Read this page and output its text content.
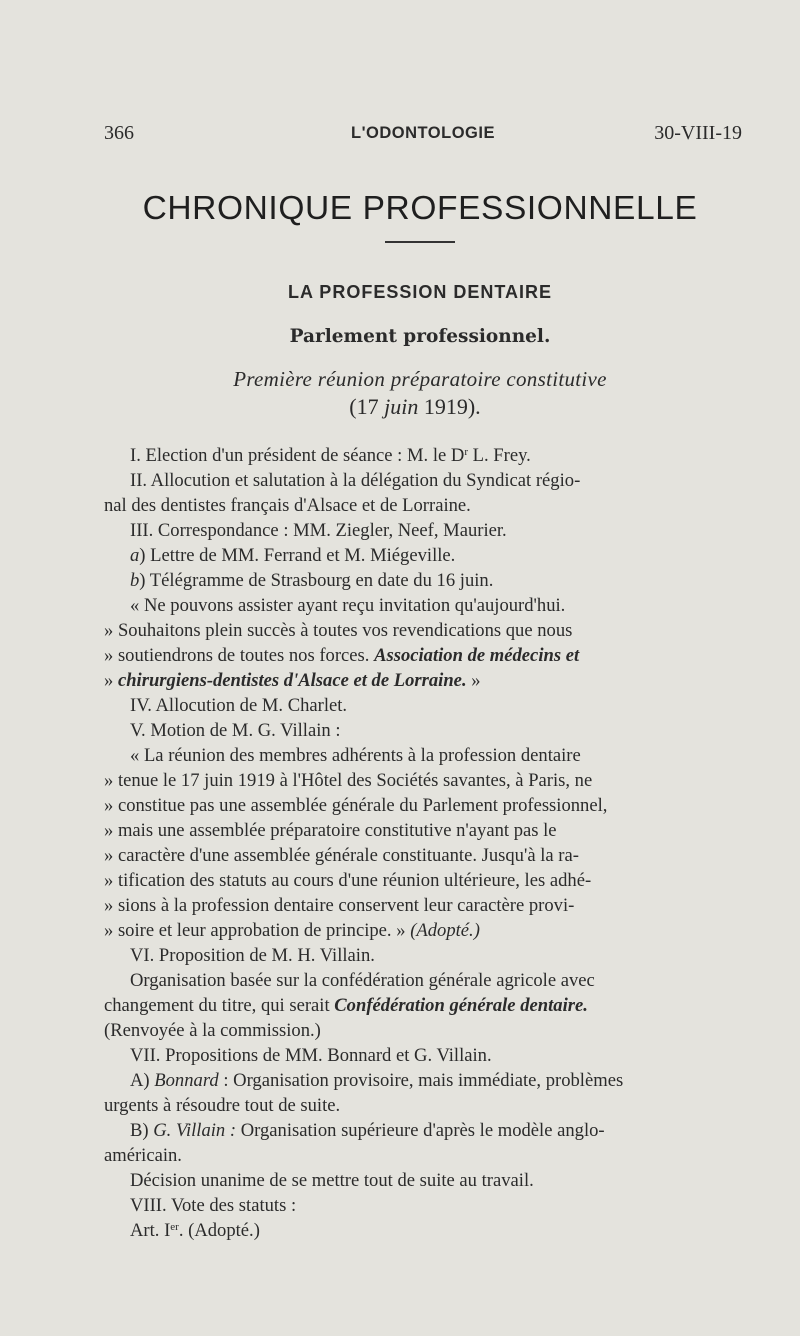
366	L'ODONTOLOGIE	30-VIII-19
CHRONIQUE PROFESSIONNELLE
LA PROFESSION DENTAIRE
Parlement professionnel.
Première réunion préparatoire constitutive
(17 juin 1919).
I. Election d'un président de séance : M. le $D^r$ L. Frey.
II. Allocution et salutation à la délégation du Syndicat régio-
nal des dentistes français d'Alsace et de Lorraine.
III. Correspondance : MM. Ziegler, Neef, Maurier.
a) Lettre de MM. Ferrand et M. Miégeville.
b) Télégramme de Strasbourg en date du 16 juin.
« Ne pouvons assister ayant reçu invitation qu'aujourd'hui.
» Souhaitons plein succès à toutes vos revendications que nous
» soutiendrons de toutes nos forces. Association de médecins et
» chirurgiens-dentistes d'Alsace et de Lorraine. »
IV. Allocution de M. Charlet.
V. Motion de M. G. Villain :
« La réunion des membres adhérents à la profession dentaire
» tenue le 17 juin 1919 à l'Hôtel des Sociétés savantes, à Paris, ne
» constitue pas une assemblée générale du Parlement professionnel,
» mais une assemblée préparatoire constitutive n'ayant pas le
» caractère d'une assemblée générale constituante. Jusqu'à la ra-
» tification des statuts au cours d'une réunion ultérieure, les adhé-
» sions à la profession dentaire conservent leur caractère provi-
» soire et leur approbation de principe. » (Adopté.)
VI. Proposition de M. H. Villain.
Organisation basée sur la confédération générale agricole avec
changement du titre, qui serait Confédération générale dentaire.
(Renvoyée à la commission.)
VII. Propositions de MM. Bonnard et G. Villain.
A) Bonnard : Organisation provisoire, mais immédiate, problèmes
urgents à résoudre tout de suite.
B) G. Villain : Organisation supérieure d'après le modèle anglo-
américain.
Décision unanime de se mettre tout de suite au travail.
VIII. Vote des statuts :
Art. Ier. (Adopté.)
